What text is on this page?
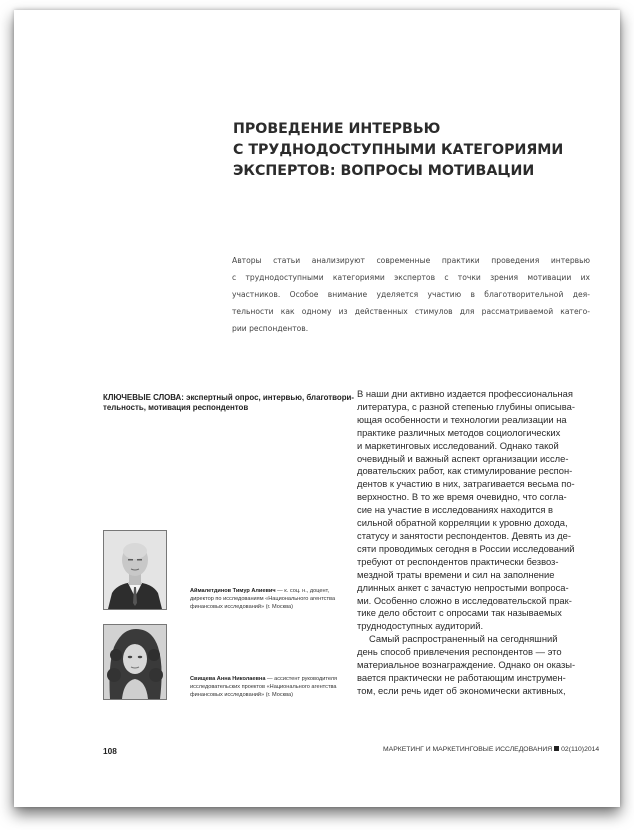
ПРОВЕДЕНИЕ ИНТЕРВЬЮ
С ТРУДНОДОСТУПНЫМИ КАТЕГОРИЯМИ
ЭКСПЕРТОВ: ВОПРОСЫ МОТИВАЦИИ
Авторы статьи анализируют современные практики проведения интервью
с труднодоступными категориями экспертов с точки зрения мотивации их
участников. Особое внимание уделяется участию в благотворительной дея-
тельности как одному из действенных стимулов для рассматриваемой катего-
рии респондентов.
КЛЮЧЕВЫЕ СЛОВА: экспертный опрос, интервью, благотвори-
тельность, мотивация респондентов
В наши дни активно издается профессиональная
литература, с разной степенью глубины описыва-
ющая особенности и технологии реализации на
практике различных методов социологических
и маркетинговых исследований. Однако такой
очевидный и важный аспект организации иссле-
довательских работ, как стимулирование респон-
дентов к участию в них, затрагивается весьма по-
верхностно. В то же время очевидно, что согла-
сие на участие в исследованиях находится в
сильной обратной корреляции к уровню дохода,
статусу и занятости респондентов. Девять из де-
сяти проводимых сегодня в России исследований
требуют от респондентов практически безвоз-
мездной траты времени и сил на заполнение
длинных анкет с зачастую непростыми вопроса-
ми. Особенно сложно в исследовательской прак-
тике дело обстоит с опросами так называемых
труднодоступных аудиторий.
Самый распространенный на сегодняшний
день способ привлечения респондентов — это
материальное вознаграждение. Однако он оказы-
вается практически не работающим инструмен-
том, если речь идет об экономически активных,
Аймалетдинов Тимур Алиевич — к. соц. н., доцент,
директор по исследованиям «Национального агентства
финансовых исследований» (г. Москва)
Свищева Анна Николаевна — ассистент руководителя
исследовательских проектов «Национального агентства
финансовых исследований» (г. Москва)
108	МАРКЕТИНГ И МАРКЕТИНГОВЫЕ ИССЛЕДОВАНИЯ 02(110)2014
